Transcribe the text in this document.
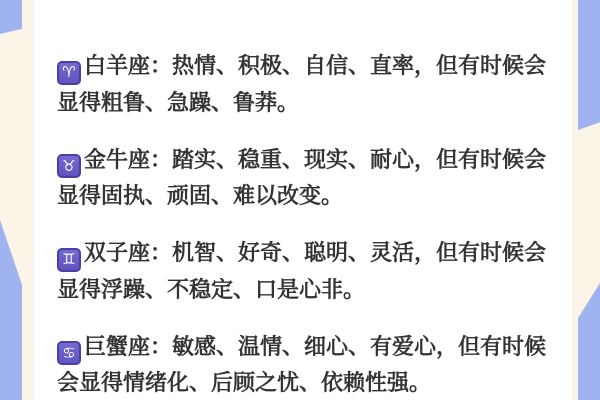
♈ 白羊座：热情、积极、自信、直率，但有时候会
显得粗鲁、急躁、鲁莽。
♉ 金牛座：踏实、稳重、现实、耐心，但有时候会
显得固执、顽固、难以改变。
♊ 双子座：机智、好奇、聪明、灵活，但有时候会
显得浮躁、不稳定、口是心非。
♋ 巨蟹座：敏感、温情、细心、有爱心，但有时候
会显得情绪化、后顾之忧、依赖性强。
